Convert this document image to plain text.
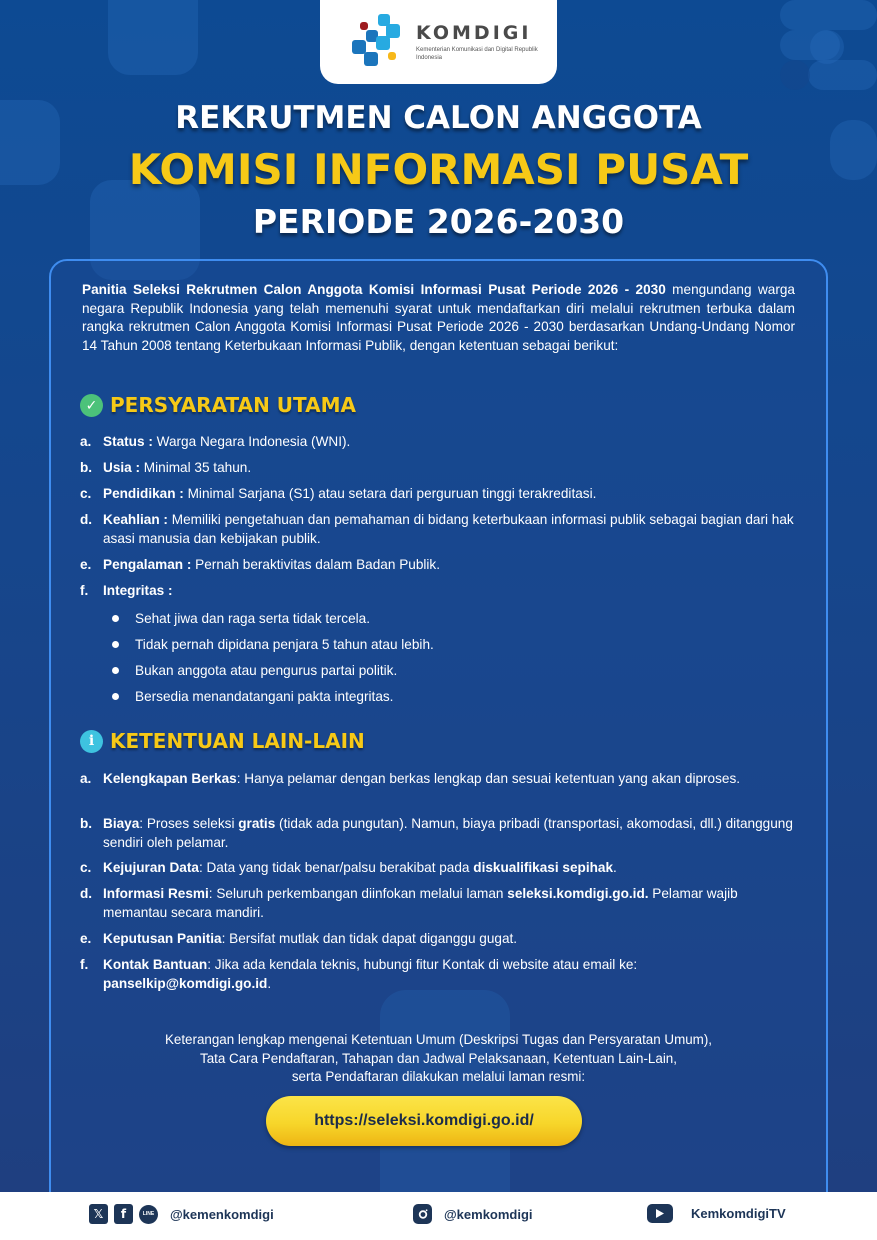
KOMDIGI
Kementerian Komunikasi dan Digital Republik Indonesia
REKRUTMEN CALON ANGGOTA
KOMISI INFORMASI PUSAT
PERIODE 2026-2030
Panitia Seleksi Rekrutmen Calon Anggota Komisi Informasi Pusat Periode 2026 - 2030 mengundang warga negara Republik Indonesia yang telah memenuhi syarat untuk mendaftarkan diri melalui rekrutmen terbuka dalam rangka rekrutmen Calon Anggota Komisi Informasi Pusat Periode 2026 - 2030 berdasarkan Undang-Undang Nomor 14 Tahun 2008 tentang Keterbukaan Informasi Publik, dengan ketentuan sebagai berikut:
✓ PERSYARATAN UTAMA
a. Status : Warga Negara Indonesia (WNI).
b. Usia : Minimal 35 tahun.
c. Pendidikan : Minimal Sarjana (S1) atau setara dari perguruan tinggi terakreditasi.
d. Keahlian : Memiliki pengetahuan dan pemahaman di bidang keterbukaan informasi publik sebagai bagian dari hak asasi manusia dan kebijakan publik.
e. Pengalaman : Pernah beraktivitas dalam Badan Publik.
f.	Integritas :
Sehat jiwa dan raga serta tidak tercela.
Tidak pernah dipidana penjara 5 tahun atau lebih.
Bukan anggota atau pengurus partai politik.
Bersedia menandatangani pakta integritas.
i KETENTUAN LAIN-LAIN
a. Kelengkapan Berkas: Hanya pelamar dengan berkas lengkap dan sesuai ketentuan yang akan diproses.
b. Biaya: Proses seleksi gratis (tidak ada pungutan). Namun, biaya pribadi (transportasi, akomodasi, dll.) ditanggung sendiri oleh pelamar.
c. Kejujuran Data: Data yang tidak benar/palsu berakibat pada diskualifikasi sepihak.
d. Informasi Resmi: Seluruh perkembangan diinfokan melalui laman seleksi.komdigi.go.id. Pelamar wajib memantau secara mandiri.
e. Keputusan Panitia: Bersifat mutlak dan tidak dapat diganggu gugat.
f.	Kontak Bantuan: Jika ada kendala teknis, hubungi fitur Kontak di website atau email ke: panselkip@komdigi.go.id.
Keterangan lengkap mengenai Ketentuan Umum (Deskripsi Tugas dan Persyaratan Umum),
Tata Cara Pendaftaran, Tahapan dan Jadwal Pelaksanaan, Ketentuan Lain-Lain,
serta Pendaftaran dilakukan melalui laman resmi:
https://seleksi.komdigi.go.id/
𝕏	f	LINE @kemenkomdigi	@kemkomdigi	KemkomdigiTV
